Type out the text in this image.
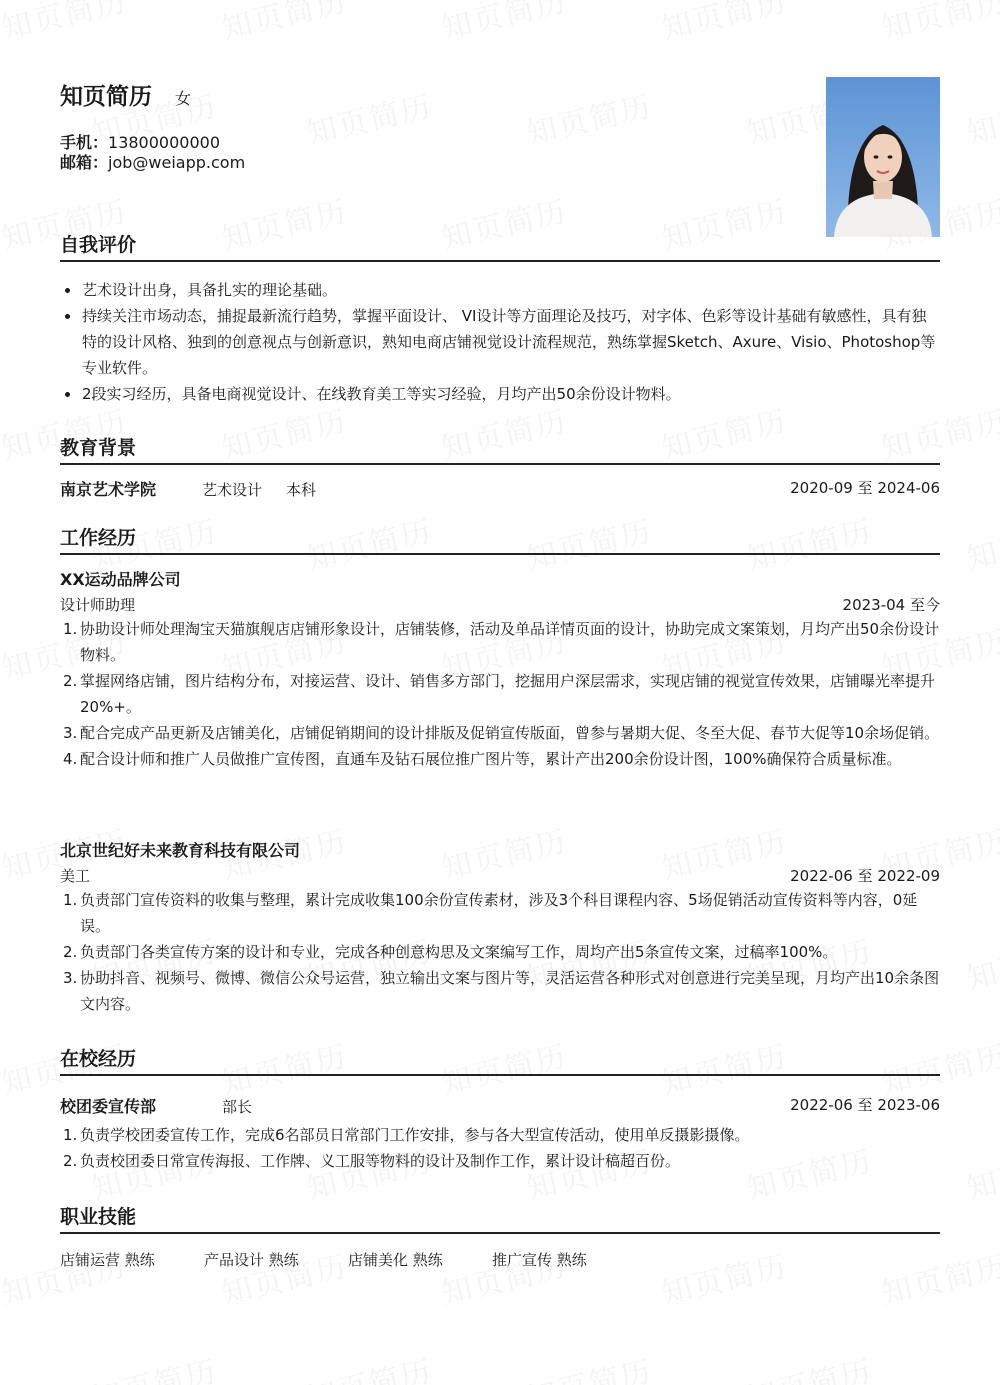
知页简历 女
手机：13800000000
邮箱：job@weiapp.com
自我评价
艺术设计出身，具备扎实的理论基础。
持续关注市场动态，捕捉最新流行趋势，掌握平面设计、 VI设计等方面理论及技巧，对字体、色彩等设计基础有敏感性，具有独特的设计风格、独到的创意视点与创新意识，熟知电商店铺视觉设计流程规范，熟练掌握Sketch、Axure、Visio、Photoshop等专业软件。
2段实习经历，具备电商视觉设计、在线教育美工等实习经验，月均产出50余份设计物料。
教育背景
南京艺术学院	艺术设计 本科	2020-09 至 2024-06
工作经历
XX运动品牌公司
设计师助理	2023-04 至今
1. 协助设计师处理淘宝天猫旗舰店店铺形象设计，店铺装修，活动及单品详情页面的设计，协助完成文案策划，月均产出50余份设计物料。
2. 掌握网络店铺，图片结构分布，对接运营、设计、销售多方部门，挖掘用户深层需求，实现店铺的视觉宣传效果，店铺曝光率提升20%+。
3. 配合完成产品更新及店铺美化，店铺促销期间的设计排版及促销宣传版面，曾参与暑期大促、冬至大促、春节大促等10余场促销。
4. 配合设计师和推广人员做推广宣传图，直通车及钻石展位推广图片等，累计产出200余份设计图，100%确保符合质量标准。
北京世纪好未来教育科技有限公司
美工	2022-06 至 2022-09
1. 负责部门宣传资料的收集与整理，累计完成收集100余份宣传素材，涉及3个科目课程内容、5场促销活动宣传资料等内容，0延误。
2. 负责部门各类宣传方案的设计和专业，完成各种创意构思及文案编写工作，周均产出5条宣传文案，过稿率100%。
3. 协助抖音、视频号、微博、微信公众号运营，独立输出文案与图片等，灵活运营各种形式对创意进行完美呈现，月均产出10余条图文内容。
在校经历
校团委宣传部	部长	2022-06 至 2023-06
1. 负责学校团委宣传工作，完成6名部员日常部门工作安排，参与各大型宣传活动，使用单反摄影摄像。
2. 负责校团委日常宣传海报、工作牌、义工服等物料的设计及制作工作，累计设计稿超百份。
职业技能
店铺运营 熟练	产品设计 熟练	店铺美化 熟练	推广宣传 熟练
